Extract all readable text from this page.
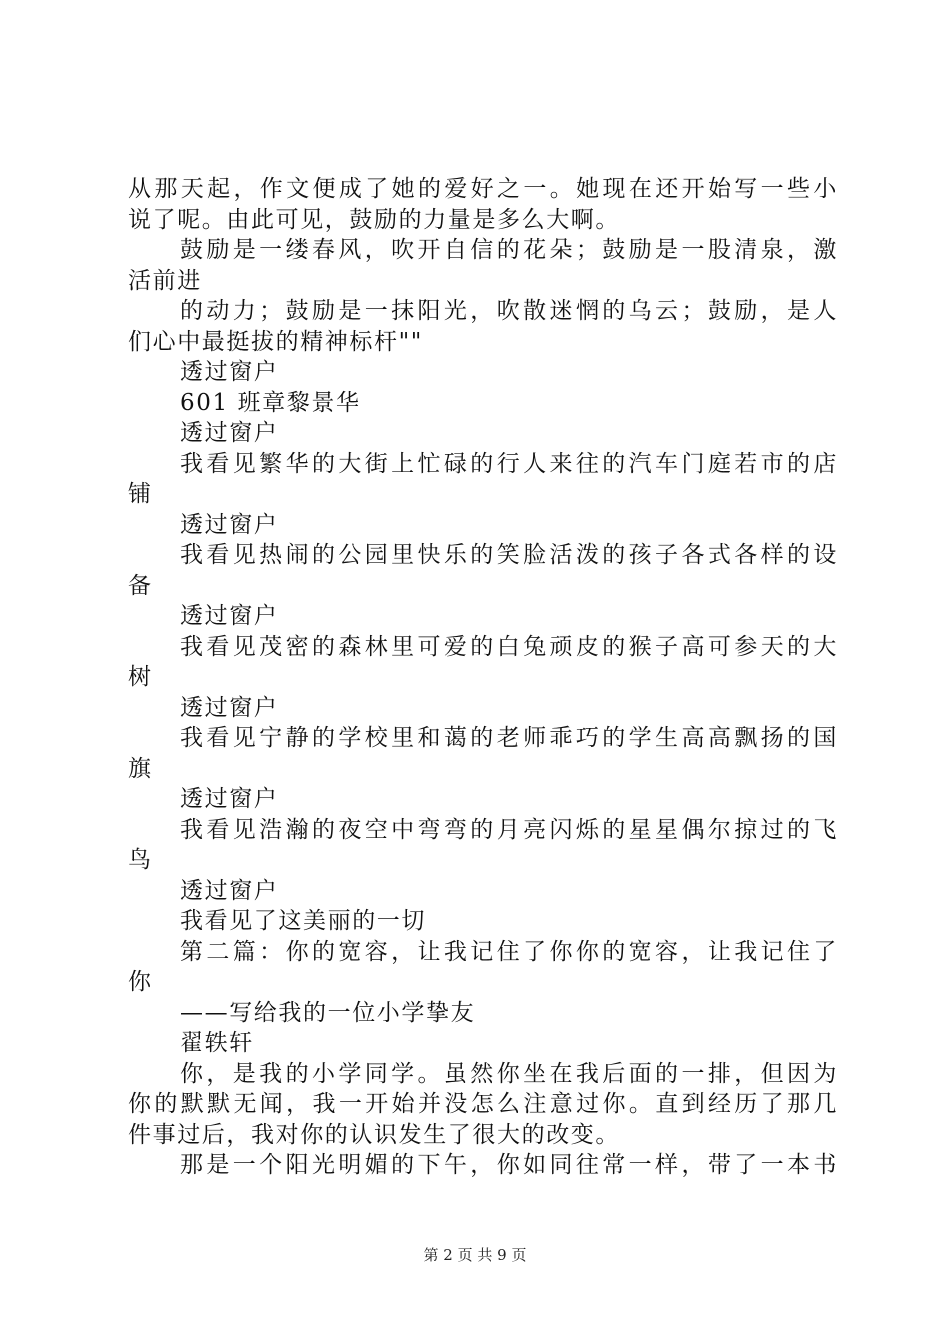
从那天起，作文便成了她的爱好之一。她现在还开始写一些小
说了呢。由此可见，鼓励的力量是多么大啊。
鼓励是一缕春风，吹开自信的花朵；鼓励是一股清泉，激
活前进
的动力；鼓励是一抹阳光，吹散迷惘的乌云；鼓励，是人
们心中最挺拔的精神标杆""
透过窗户
601 班章黎景华
透过窗户
我看见繁华的大街上忙碌的行人来往的汽车门庭若市的店
铺
透过窗户
我看见热闹的公园里快乐的笑脸活泼的孩子各式各样的设
备
透过窗户
我看见茂密的森林里可爱的白兔顽皮的猴子高可参天的大
树
透过窗户
我看见宁静的学校里和蔼的老师乖巧的学生高高飘扬的国
旗
透过窗户
我看见浩瀚的夜空中弯弯的月亮闪烁的星星偶尔掠过的飞
鸟
透过窗户
我看见了这美丽的一切
第二篇：你的宽容，让我记住了你你的宽容，让我记住了
你
——写给我的一位小学挚友
翟轶轩
你，是我的小学同学。虽然你坐在我后面的一排，但因为
你的默默无闻，我一开始并没怎么注意过你。直到经历了那几
件事过后，我对你的认识发生了很大的改变。
那是一个阳光明媚的下午，你如同往常一样，带了一本书
第 2 页 共 9 页
